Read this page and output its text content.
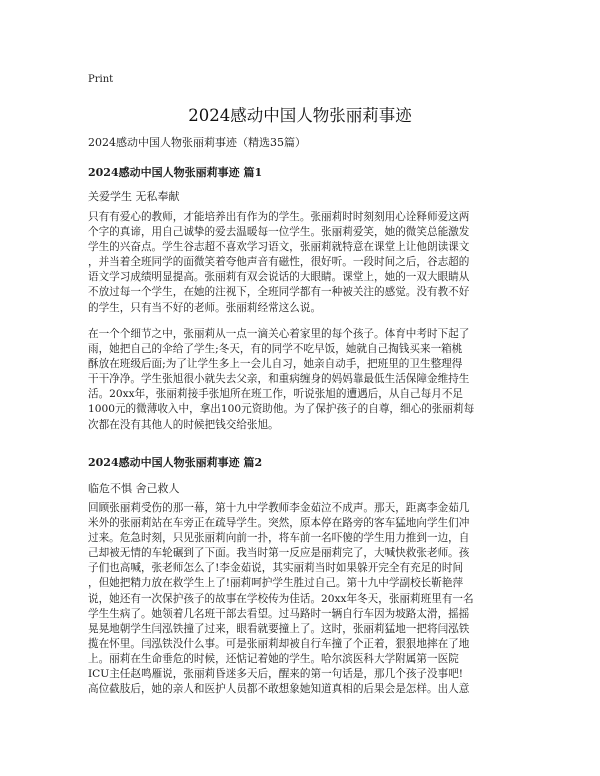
Print
2024感动中国人物张丽莉事迹
2024感动中国人物张丽莉事迹（精选35篇）
2024感动中国人物张丽莉事迹 篇1
关爱学生 无私奉献
只有有爱心的教师，才能培养出有作为的学生。张丽莉时时刻刻用心诠释师爱这两
个字的真谛，用自己诚挚的爱去温暖每一位学生。张丽莉爱笑，她的微笑总能激发
学生的兴奋点。学生谷志超不喜欢学习语文，张丽莉就特意在课堂上让他朗读课文
，并当着全班同学的面微笑着夸他声音有磁性，很好听。一段时间之后，谷志超的
语文学习成绩明显提高。张丽莉有双会说话的大眼睛。课堂上，她的一双大眼睛从
不放过每一个学生，在她的注视下，全班同学都有一种被关注的感觉。没有教不好
的学生，只有当不好的老师。张丽莉经常这么说。
在一个个细节之中，张丽莉从一点一滴关心着家里的每个孩子。体育中考时下起了
雨，她把自己的伞给了学生;冬天，有的同学不吃早饭，她就自己掏钱买来一箱桃
酥放在班级后面;为了让学生多上一会儿自习，她亲自动手，把班里的卫生整理得
干干净净。学生张旭很小就失去父亲，和重病缠身的妈妈靠最低生活保障金维持生
活。20xx年，张丽莉接手张旭所在班工作，听说张旭的遭遇后，从自己每月不足
1000元的微薄收入中，拿出100元资助他。为了保护孩子的自尊，细心的张丽莉每
次都在没有其他人的时候把钱交给张旭。
2024感动中国人物张丽莉事迹 篇2
临危不惧 舍己救人
回顾张丽莉受伤的那一幕，第十九中学教师李金茹泣不成声。那天，距离李金茹几
米外的张丽莉站在车旁正在疏导学生。突然，原本停在路旁的客车猛地向学生们冲
过来。危急时刻，只见张丽莉向前一扑，将车前一名吓傻的学生用力推到一边，自
己却被无情的车轮碾到了下面。我当时第一反应是丽莉完了，大喊快救张老师。孩
子们也高喊，张老师怎么了!李金茹说，其实丽莉当时如果躲开完全有充足的时间
，但她把精力放在救学生上了!丽莉呵护学生胜过自己。第十九中学副校长靳艳萍
说，她还有一次保护孩子的故事在学校传为佳话。20xx年冬天，张丽莉班里有一名
学生生病了。她领着几名班干部去看望。过马路时一辆自行车因为坡路太滑，摇摇
晃晃地朝学生闫泓铁撞了过来，眼看就要撞上了。这时，张丽莉猛地一把将闫泓铁
揽在怀里。闫泓铁没什么事。可是张丽莉却被自行车撞了个正着，狠狠地摔在了地
上。丽莉在生命垂危的时候，还惦记着她的学生。哈尔滨医科大学附属第一医院
ICU主任赵鸣雁说，张丽莉昏迷多天后，醒来的第一句话是，那几个孩子没事吧!
高位截肢后，她的亲人和医护人员都不敢想象她知道真相的后果会是怎样。出人意
